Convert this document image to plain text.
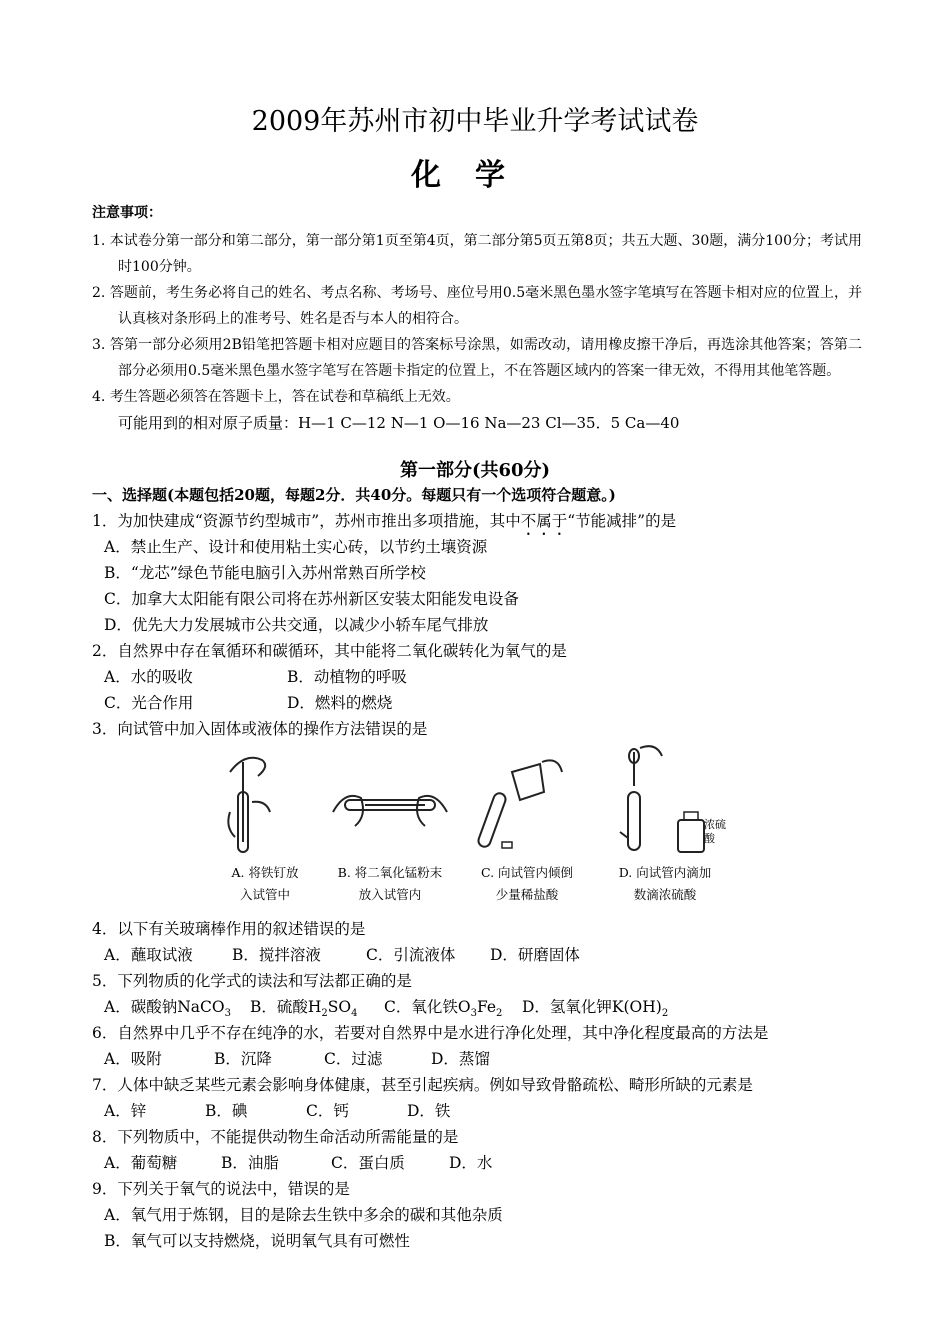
2009年苏州市初中毕业升学考试试卷
化学
注意事项：

1. 本试卷分第一部分和第二部分，第一部分第1页至第4页，第二部分第5页五第8页；共五大题、30题，满分100分；考试用时100分钟。

2. 答题前，考生务必将自己的姓名、考点名称、考场号、座位号用0.5毫米黑色墨水签字笔填写在答题卡相对应的位置上，并认真核对条形码上的准考号、姓名是否与本人的相符合。

3. 答第一部分必须用2B铅笔把答题卡相对应题目的答案标号涂黑，如需改动，请用橡皮擦干净后，再选涂其他答案；答第二部分必须用0.5毫米黑色墨水签字笔写在答题卡指定的位置上，不在答题区域内的答案一律无效，不得用其他笔答题。

4. 考生答题必须答在答题卡上，答在试卷和草稿纸上无效。

可能用到的相对原子质量：H—1 C—12 N—1 O—16 Na—23 Cl—35．5 Ca—40

第一部分(共60分)
一、选择题(本题包括20题，每题2分．共40分。每题只有一个选项符合题意。)
1．为加快建成“资源节约型城市”，苏州市推出多项措施，其中不属于“节能减排”的是
A．禁止生产、设计和使用粘土实心砖，以节约土壤资源
B．“龙芯”绿色节能电脑引入苏州常熟百所学校
C．加拿大太阳能有限公司将在苏州新区安装太阳能发电设备
D．优先大力发展城市公共交通，以减少小轿车尾气排放
2．自然界中存在氧循环和碳循环，其中能将二氧化碳转化为氧气的是
A．水的吸收	B．动植物的呼吸
C．光合作用	D．燃料的燃烧
3．向试管中加入固体或液体的操作方法错误的是
A. 将铁钉放
入试管中
B. 将二氧化锰粉末
放入试管内
C. 向试管内倾倒
少量稀盐酸
浓硫酸
D. 向试管内滴加
数滴浓硫酸
4．以下有关玻璃棒作用的叙述错误的是
A．蘸取试液	B．搅拌溶液	C．引流液体 D．研磨固体
5．下列物质的化学式的读法和写法都正确的是
A．碳酸钠NaCO$_3$ B．硫酸$H_2SO_4$ C．氧化铁$O_3Fe_2$ D．氢氧化钾$K(OH)_2$
6．自然界中几乎不存在纯净的水，若要对自然界中是水进行净化处理，其中净化程度最高的方法是
A．吸附	B．沉降	C．过滤	D．蒸馏
7．人体中缺乏某些元素会影响身体健康，甚至引起疾病。例如导致骨骼疏松、畸形所缺的元素是
A．锌	B．碘	C．钙	D．铁
8．下列物质中，不能提供动物生命活动所需能量的是
A．葡萄糖	B．油脂	C．蛋白质	D．水
9．下列关于氧气的说法中，错误的是
A．氧气用于炼钢，目的是除去生铁中多余的碳和其他杂质
B．氧气可以支持燃烧，说明氧气具有可燃性
